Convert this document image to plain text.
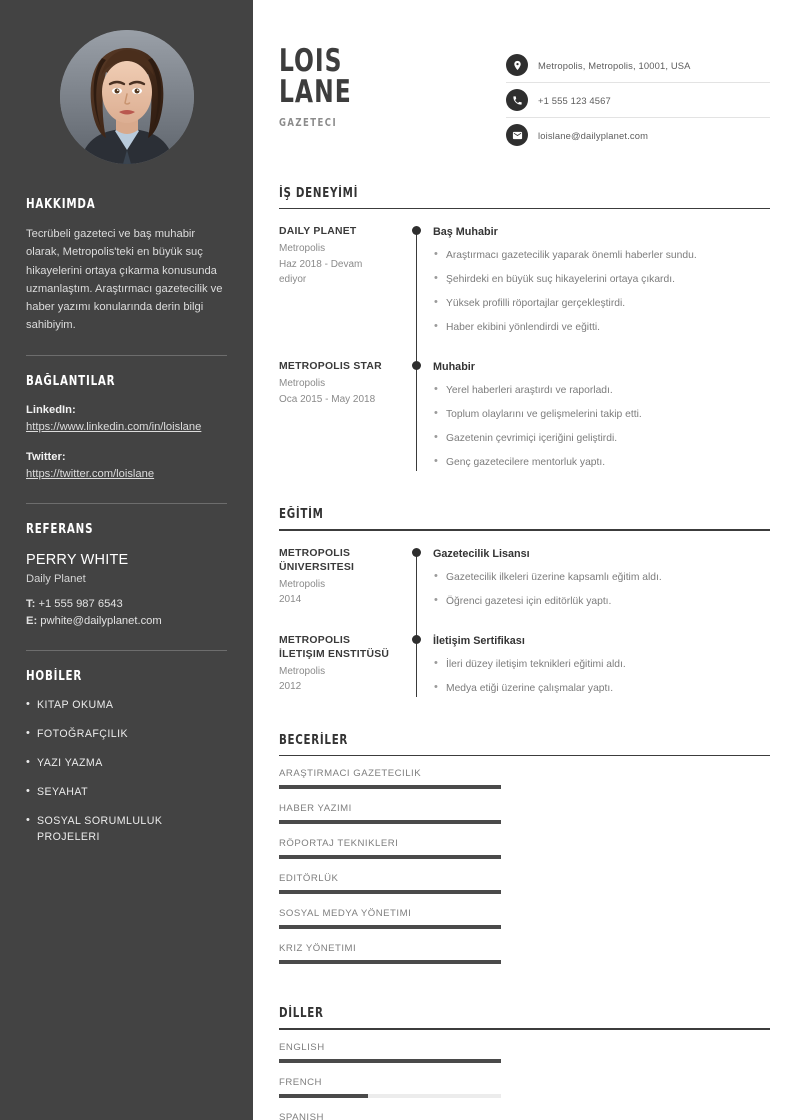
HAKKIMDA
Tecrübeli gazeteci ve baş muhabir olarak, Metropolis'teki en büyük suç hikayelerini ortaya çıkarma konusunda uzmanlaştım. Araştırmacı gazetecilik ve haber yazımı konularında derin bilgi sahibiyim.
BAĞLANTILAR
LinkedIn:
https://www.linkedin.com/in/loislane
Twitter:
https://twitter.com/loislane
REFERANS
PERRY WHITE
Daily Planet
T: +1 555 987 6543
E: pwhite@dailyplanet.com
HOBİLER
• KITAP OKUMA
• FOTOĞRAFÇILIK
• YAZI YAZMA
• SEYAHAT
• SOSYAL SORUMLULUK PROJELERI
LOIS
LANE
GAZETECI
Metropolis, Metropolis, 10001, USA
+1 555 123 4567
loislane@dailyplanet.com
İŞ DENEYİMİ
DAILY PLANET
Metropolis
Haz 2018 - Devam ediyor
Baş Muhabir
• Araştırmacı gazetecilik yaparak önemli haberler sundu.
• Şehirdeki en büyük suç hikayelerini ortaya çıkardı.
• Yüksek profilli röportajlar gerçekleştirdi.
• Haber ekibini yönlendirdi ve eğitti.
METROPOLIS STAR
Metropolis
Oca 2015 - May 2018
Muhabir
• Yerel haberleri araştırdı ve raporladı.
• Toplum olaylarını ve gelişmelerini takip etti.
• Gazetenin çevrimiçi içeriğini geliştirdi.
• Genç gazetecilere mentorluk yaptı.
EĞİTİM
METROPOLIS ÜNIVERSITESI
Metropolis
2014
Gazetecilik Lisansı
• Gazetecilik ilkeleri üzerine kapsamlı eğitim aldı.
• Öğrenci gazetesi için editörlük yaptı.
METROPOLIS İLETIŞIM ENSTITÜSÜ
Metropolis
2012
İletişim Sertifikası
• İleri düzey iletişim teknikleri eğitimi aldı.
• Medya etiği üzerine çalışmalar yaptı.
BECERİLER
ARAŞTIRMACI GAZETECILIK
HABER YAZIMI
RÖPORTAJ TEKNIKLERI
EDITÖRLÜK
SOSYAL MEDYA YÖNETIMI
KRIZ YÖNETIMI
DİLLER
ENGLISH
FRENCH
SPANISH
